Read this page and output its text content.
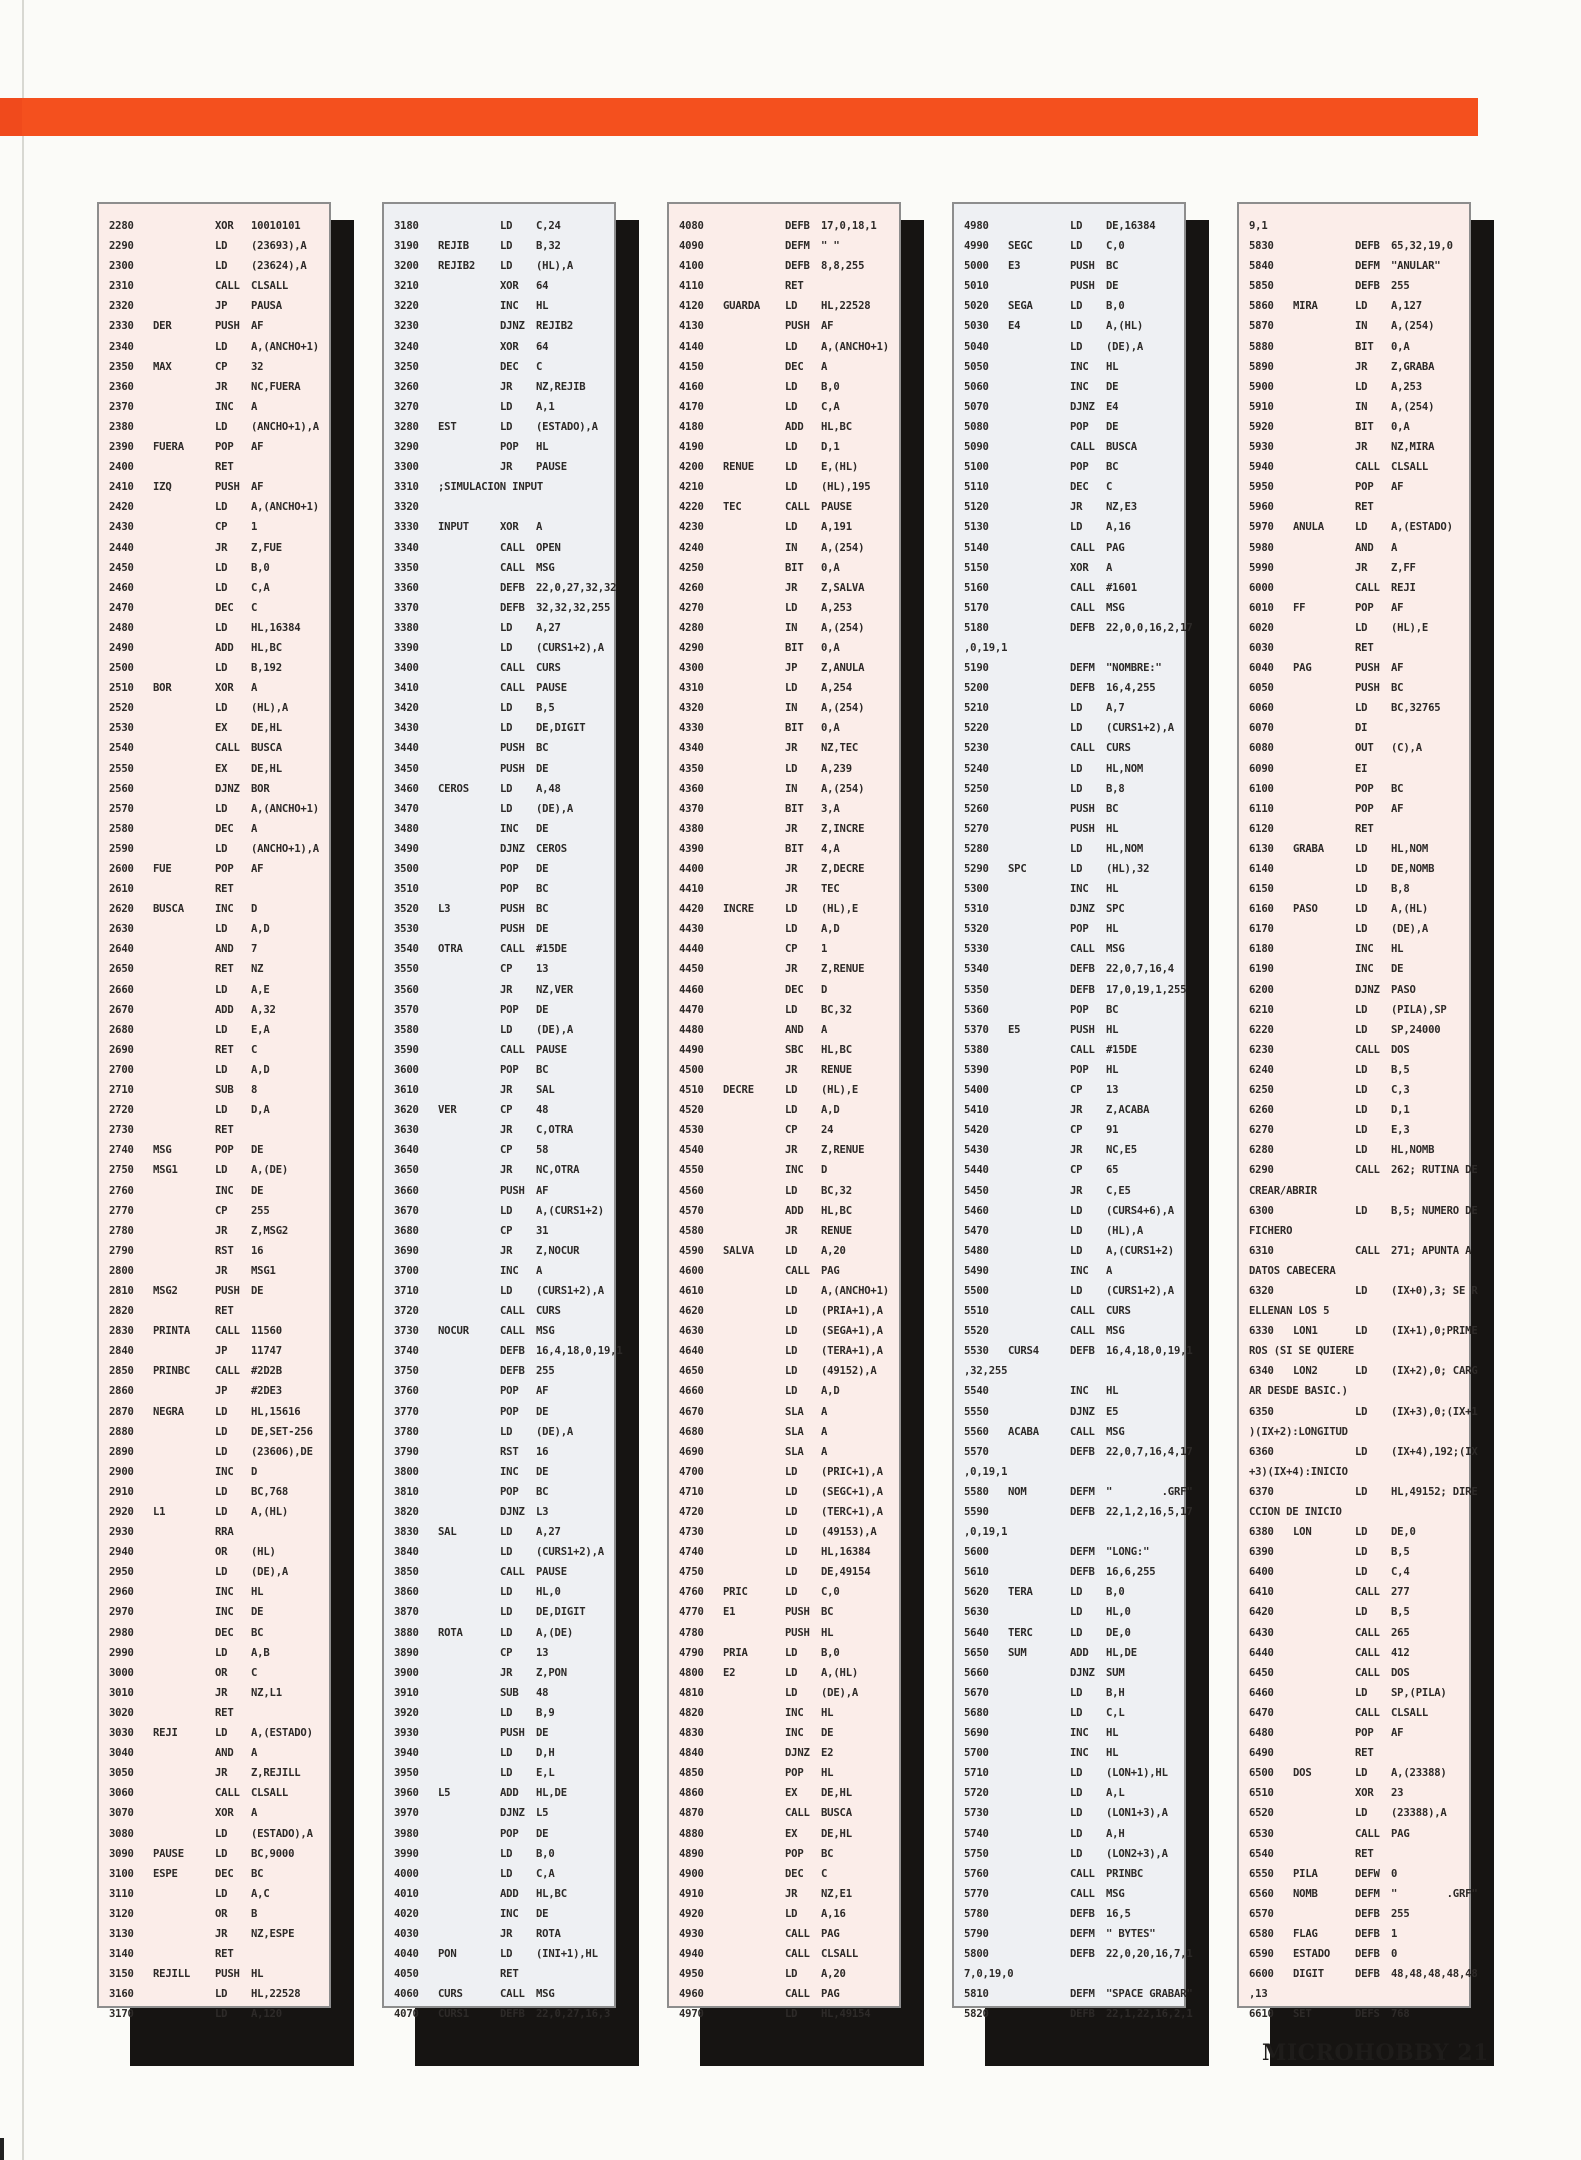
2280	XOR 10010101
2290	LD (23693),A
2300	LD (23624),A
2310	CALL CLSALL
2320	JP PAUSA
2330 DER	PUSH AF
2340	LD A,(ANCHO+1)
2350 MAX	CP 32
2360	JR NC,FUERA
2370	INC A
2380	LD (ANCHO+1),A
2390 FUERA	POP AF
2400	RET
2410 IZQ	PUSH AF
2420	LD A,(ANCHO+1)
2430	CP 1
2440	JR Z,FUE
2450	LD B,0
2460	LD C,A
2470	DEC C
2480	LD HL,16384
2490	ADD HL,BC
2500	LD B,192
2510 BOR	XOR A
2520	LD (HL),A
2530	EX DE,HL
2540	CALL BUSCA
2550	EX DE,HL
2560	DJNZ BOR
2570	LD A,(ANCHO+1)
2580	DEC A
2590	LD (ANCHO+1),A
2600 FUE	POP AF
2610	RET
2620 BUSCA	INC D
2630	LD A,D
2640	AND 7
2650	RET NZ
2660	LD A,E
2670	ADD A,32
2680	LD E,A
2690	RET C
2700	LD A,D
2710	SUB 8
2720	LD D,A
2730	RET
2740 MSG	POP DE
2750 MSG1	LD A,(DE)
2760	INC DE
2770	CP 255
2780	JR Z,MSG2
2790	RST 16
2800	JR MSG1
2810 MSG2	PUSH DE
2820	RET
2830 PRINTA CALL 11560
2840	JP 11747
2850 PRINBC CALL #2D2B
2860	JP #2DE3
2870 NEGRA	LD HL,15616
2880	LD DE,SET-256
2890	LD (23606),DE
2900	INC D
2910	LD BC,768
2920 L1	LD A,(HL)
2930	RRA
2940	OR (HL)
2950	LD (DE),A
2960	INC HL
2970	INC DE
2980	DEC BC
2990	LD A,B
3000	OR C
3010	JR NZ,L1
3020	RET
3030 REJI	LD A,(ESTADO)
3040	AND A
3050	JR Z,REJILL
3060	CALL CLSALL
3070	XOR A
3080	LD (ESTADO),A
3090 PAUSE	LD BC,9000
3100 ESPE	DEC BC
3110	LD A,C
3120	OR B
3130	JR NZ,ESPE
3140	RET
3150 REJILL PUSH HL
3160	LD HL,22528
3170	LD A,120
3180	LD C,24
3190 REJIB	LD B,32
3200 REJIB2 LD (HL),A
3210	XOR 64
3220	INC HL
3230	DJNZ REJIB2
3240	XOR 64
3250	DEC C
3260	JR NZ,REJIB
3270	LD A,1
3280 EST	LD (ESTADO),A
3290	POP HL
3300	JR PAUSE
3310 ;SIMULACION INPUT
3320
3330 INPUT	XOR A
3340	CALL OPEN
3350	CALL MSG
3360	DEFB 22,0,27,32,32
3370	DEFB 32,32,32,255
3380	LD A,27
3390	LD (CURS1+2),A
3400	CALL CURS
3410	CALL PAUSE
3420	LD B,5
3430	LD DE,DIGIT
3440	PUSH BC
3450	PUSH DE
3460 CEROS	LD A,48
3470	LD (DE),A
3480	INC DE
3490	DJNZ CEROS
3500	POP DE
3510	POP BC
3520 L3	PUSH BC
3530	PUSH DE
3540 OTRA	CALL #15DE
3550	CP 13
3560	JR NZ,VER
3570	POP DE
3580	LD (DE),A
3590	CALL PAUSE
3600	POP BC
3610	JR SAL
3620 VER	CP 48
3630	JR C,OTRA
3640	CP 58
3650	JR NC,OTRA
3660	PUSH AF
3670	LD A,(CURS1+2)
3680	CP 31
3690	JR Z,NOCUR
3700	INC A
3710	LD (CURS1+2),A
3720	CALL CURS
3730 NOCUR	CALL MSG
3740	DEFB 16,4,18,0,19,1
3750	DEFB 255
3760	POP AF
3770	POP DE
3780	LD (DE),A
3790	RST 16
3800	INC DE
3810	POP BC
3820	DJNZ L3
3830 SAL	LD A,27
3840	LD (CURS1+2),A
3850	CALL PAUSE
3860	LD HL,0
3870	LD DE,DIGIT
3880 ROTA	LD A,(DE)
3890	CP 13
3900	JR Z,PON
3910	SUB 48
3920	LD B,9
3930	PUSH DE
3940	LD D,H
3950	LD E,L
3960 L5	ADD HL,DE
3970	DJNZ L5
3980	POP DE
3990	LD B,0
4000	LD C,A
4010	ADD HL,BC
4020	INC DE
4030	JR ROTA
4040 PON	LD (INI+1),HL
4050	RET
4060 CURS	CALL MSG
4070 CURS1	DEFB 22,0,27,16,3
4080	DEFB 17,0,18,1
4090	DEFM " "
4100	DEFB 8,8,255
4110	RET
4120 GUARDA LD HL,22528
4130	PUSH AF
4140	LD A,(ANCHO+1)
4150	DEC A
4160	LD B,0
4170	LD C,A
4180	ADD HL,BC
4190	LD D,1
4200 RENUE	LD E,(HL)
4210	LD (HL),195
4220 TEC	CALL PAUSE
4230	LD A,191
4240	IN A,(254)
4250	BIT 0,A
4260	JR Z,SALVA
4270	LD A,253
4280	IN A,(254)
4290	BIT 0,A
4300	JP Z,ANULA
4310	LD A,254
4320	IN A,(254)
4330	BIT 0,A
4340	JR NZ,TEC
4350	LD A,239
4360	IN A,(254)
4370	BIT 3,A
4380	JR Z,INCRE
4390	BIT 4,A
4400	JR Z,DECRE
4410	JR TEC
4420 INCRE	LD (HL),E
4430	LD A,D
4440	CP 1
4450	JR Z,RENUE
4460	DEC D
4470	LD BC,32
4480	AND A
4490	SBC HL,BC
4500	JR RENUE
4510 DECRE	LD (HL),E
4520	LD A,D
4530	CP 24
4540	JR Z,RENUE
4550	INC D
4560	LD BC,32
4570	ADD HL,BC
4580	JR RENUE
4590 SALVA	LD A,20
4600	CALL PAG
4610	LD A,(ANCHO+1)
4620	LD (PRIA+1),A
4630	LD (SEGA+1),A
4640	LD (TERA+1),A
4650	LD (49152),A
4660	LD A,D
4670	SLA A
4680	SLA A
4690	SLA A
4700	LD (PRIC+1),A
4710	LD (SEGC+1),A
4720	LD (TERC+1),A
4730	LD (49153),A
4740	LD HL,16384
4750	LD DE,49154
4760 PRIC	LD C,0
4770 E1	PUSH BC
4780	PUSH HL
4790 PRIA	LD B,0
4800 E2	LD A,(HL)
4810	LD (DE),A
4820	INC HL
4830	INC DE
4840	DJNZ E2
4850	POP HL
4860	EX DE,HL
4870	CALL BUSCA
4880	EX DE,HL
4890	POP BC
4900	DEC C
4910	JR NZ,E1
4920	LD A,16
4930	CALL PAG
4940	CALL CLSALL
4950	LD A,20
4960	CALL PAG
4970	LD HL,49154
4980	LD DE,16384
4990 SEGC	LD C,0
5000 E3	PUSH BC
5010	PUSH DE
5020 SEGA	LD B,0
5030 E4	LD A,(HL)
5040	LD (DE),A
5050	INC HL
5060	INC DE
5070	DJNZ E4
5080	POP DE
5090	CALL BUSCA
5100	POP BC
5110	DEC C
5120	JR NZ,E3
5130	LD A,16
5140	CALL PAG
5150	XOR A
5160	CALL #1601
5170	CALL MSG
5180	DEFB 22,0,0,16,2,17
,0,19,1
5190	DEFM "NOMBRE:"
5200	DEFB 16,4,255
5210	LD A,7
5220	LD (CURS1+2),A
5230	CALL CURS
5240	LD HL,NOM
5250	LD B,8
5260	PUSH BC
5270	PUSH HL
5280	LD HL,NOM
5290 SPC	LD (HL),32
5300	INC HL
5310	DJNZ SPC
5320	POP HL
5330	CALL MSG
5340	DEFB 22,0,7,16,4
5350	DEFB 17,0,19,1,255
5360	POP BC
5370 E5	PUSH HL
5380	CALL #15DE
5390	POP HL
5400	CP 13
5410	JR Z,ACABA
5420	CP 91
5430	JR NC,E5
5440	CP 65
5450	JR C,E5
5460	LD (CURS4+6),A
5470	LD (HL),A
5480	LD A,(CURS1+2)
5490	INC A
5500	LD (CURS1+2),A
5510	CALL CURS
5520	CALL MSG
5530 CURS4	DEFB 16,4,18,0,19,1
,32,255
5540	INC HL
5550	DJNZ E5
5560 ACABA	CALL MSG
5570	DEFB 22,0,7,16,4,17
,0,19,1
5580 NOM	DEFM "        .GRF"
5590	DEFB 22,1,2,16,5,17
,0,19,1
5600	DEFM "LONG:"
5610	DEFB 16,6,255
5620 TERA	LD B,0
5630	LD HL,0
5640 TERC	LD DE,0
5650 SUM	ADD HL,DE
5660	DJNZ SUM
5670	LD B,H
5680	LD C,L
5690	INC HL
5700	INC HL
5710	LD (LON+1),HL
5720	LD A,L
5730	LD (LON1+3),A
5740	LD A,H
5750	LD (LON2+3),A
5760	CALL PRINBC
5770	CALL MSG
5780	DEFB 16,5
5790	DEFM " BYTES"
5800	DEFB 22,0,20,16,7,1
7,0,19,0
5810	DEFM "SPACE GRABAR"
5820	DEFB 22,1,22,16,2,1
9,1
5830	DEFB 65,32,19,0
5840	DEFM "ANULAR"
5850	DEFB 255
5860 MIRA	LD A,127
5870	IN A,(254)
5880	BIT 0,A
5890	JR Z,GRABA
5900	LD A,253
5910	IN A,(254)
5920	BIT 0,A
5930	JR NZ,MIRA
5940	CALL CLSALL
5950	POP AF
5960	RET
5970 ANULA	LD A,(ESTADO)
5980	AND A
5990	JR Z,FF
6000	CALL REJI
6010 FF	POP AF
6020	LD (HL),E
6030	RET
6040 PAG	PUSH AF
6050	PUSH BC
6060	LD BC,32765
6070	DI
6080	OUT (C),A
6090	EI
6100	POP BC
6110	POP AF
6120	RET
6130 GRABA	LD HL,NOM
6140	LD DE,NOMB
6150	LD B,8
6160 PASO	LD A,(HL)
6170	LD (DE),A
6180	INC HL
6190	INC DE
6200	DJNZ PASO
6210	LD (PILA),SP
6220	LD SP,24000
6230	CALL DOS
6240	LD B,5
6250	LD C,3
6260	LD D,1
6270	LD E,3
6280	LD HL,NOMB
6290	CALL 262; RUTINA DE
CREAR/ABRIR
6300	LD B,5; NUMERO DE
FICHERO
6310	CALL 271; APUNTA A
DATOS CABECERA
6320	LD (IX+0),3; SE R
ELLENAN LOS 5
6330 LON1	LD (IX+1),0;PRIME
ROS (SI SE QUIERE
6340 LON2	LD (IX+2),0; CARG
AR DESDE BASIC.)
6350	LD (IX+3),0;(IX+1
)(IX+2):LONGITUD
6360	LD (IX+4),192;(IX
+3)(IX+4):INICIO
6370	LD HL,49152; DIRE
CCION DE INICIO
6380 LON	LD DE,0
6390	LD B,5
6400	LD C,4
6410	CALL 277
6420	LD B,5
6430	CALL 265
6440	CALL 412
6450	CALL DOS
6460	LD SP,(PILA)
6470	CALL CLSALL
6480	POP AF
6490	RET
6500 DOS	LD A,(23388)
6510	XOR 23
6520	LD (23388),A
6530	CALL PAG
6540	RET
6550 PILA	DEFW 0
6560 NOMB	DEFM "        .GRF"
6570	DEFB 255
6580 FLAG	DEFB 1
6590 ESTADO DEFB 0
6600 DIGIT	DEFB 48,48,48,48,48
,13
6610 SET	DEFS 768
MICROHOBBY 21
